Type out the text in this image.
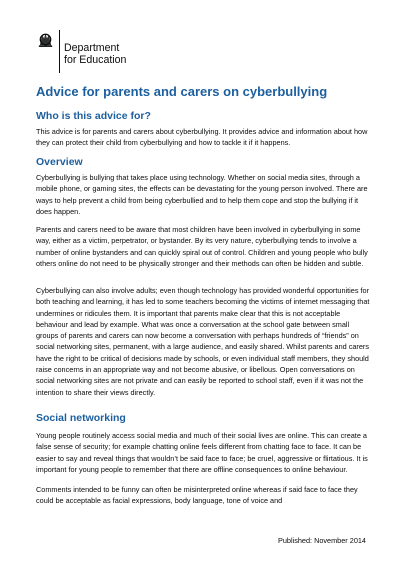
Department
for Education
Advice for parents and carers on cyberbullying
Who is this advice for?

This advice is for parents and carers about cyberbullying. It provides advice and information about how they can protect their child from cyberbullying and how to tackle it if it happens.

Overview

Cyberbullying is bullying that takes place using technology. Whether on social media sites, through a mobile phone, or gaming sites, the effects can be devastating for the young person involved. There are ways to help prevent a child from being cyberbullied and to help them cope and stop the bullying if it does happen.

Parents and carers need to be aware that most children have been involved in cyberbullying in some way, either as a victim, perpetrator, or bystander. By its very nature, cyberbullying tends to involve a number of online bystanders and can quickly spiral out of control. Children and young people who bully others online do not need to be physically stronger and their methods can often be hidden and subtle.

Cyberbullying can also involve adults; even though technology has provided wonderful opportunities for both teaching and learning, it has led to some teachers becoming the victims of internet messaging that undermines or ridicules them. It is important that parents make clear that this is not acceptable behaviour and lead by example. What was once a conversation at the school gate between small groups of parents and carers can now become a conversation with perhaps hundreds of “friends” on social networking sites, permanent, with a large audience, and easily shared. Whilst parents and carers have the right to be critical of decisions made by schools, or even individual staff members, they should raise concerns in an appropriate way and not become abusive, or libellous. Open conversations on social networking sites are not private and can easily be reported to school staff, even if it was not the intention to share their views directly.

Social networking

Young people routinely access social media and much of their social lives are online. This can create a false sense of security; for example chatting online feels different from chatting face to face. It can be easier to say and reveal things that wouldn’t be said face to face; be cruel, aggressive or flirtatious. It is important for young people to remember that there are offline consequences to online behaviour.

Comments intended to be funny can often be misinterpreted online whereas if said face to face they could be acceptable as facial expressions, body language, tone of voice and

Published: November 2014
